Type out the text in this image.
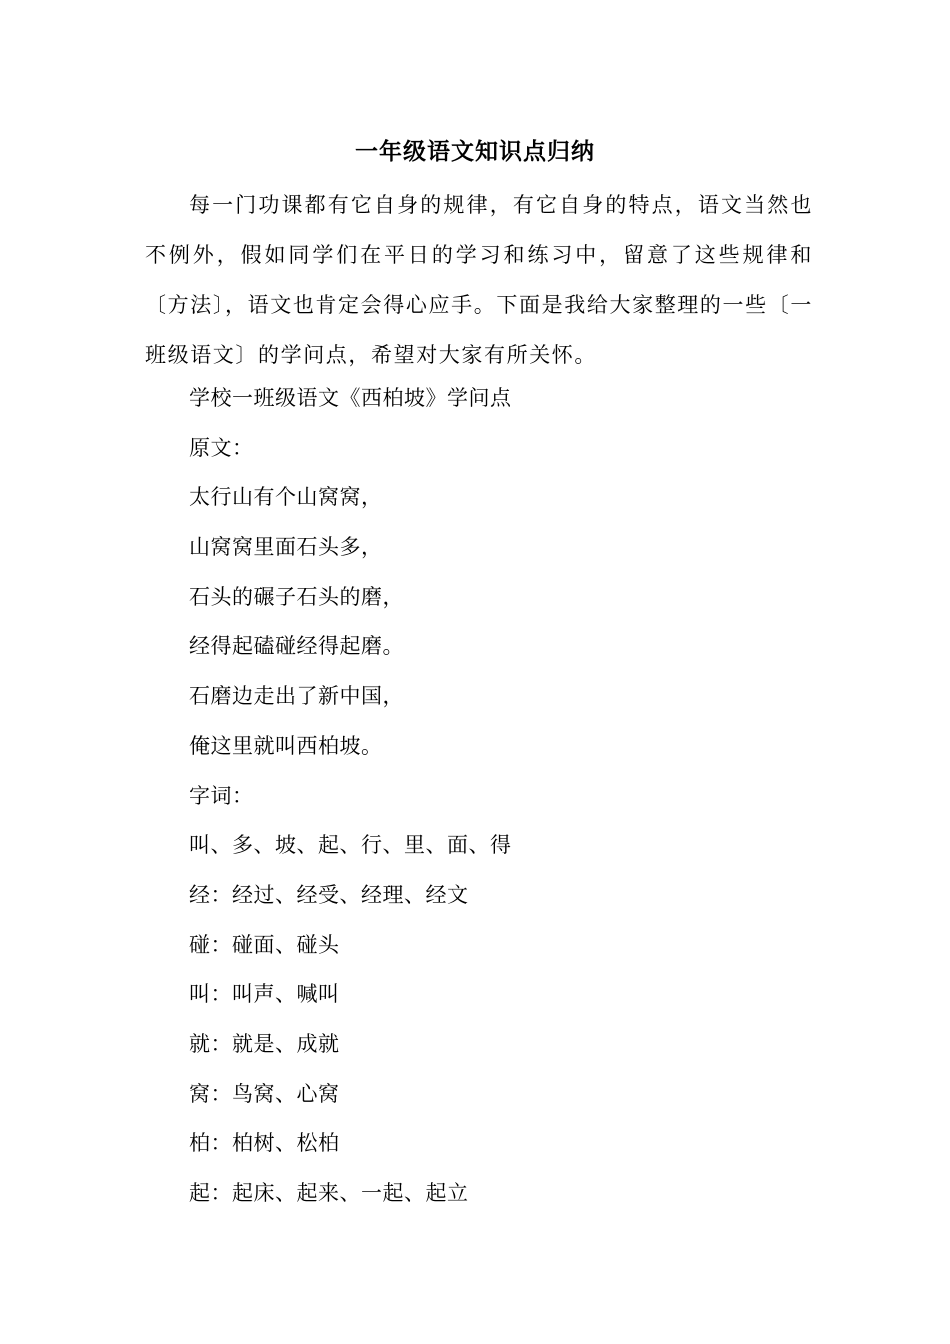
一年级语文知识点归纳
每一门功课都有它自身的规律，有它自身的特点，语文当然也不例外，假如同学们在平日的学习和练习中，留意了这些规律和〔方法〕，语文也肯定会得心应手。下面是我给大家整理的一些〔一班级语文〕的学问点，希望对大家有所关怀。
学校一班级语文《西柏坡》学问点
原文：
太行山有个山窝窝，
山窝窝里面石头多，
石头的碾子石头的磨，
经得起磕碰经得起磨。
石磨边走出了新中国，
俺这里就叫西柏坡。
字词：
叫、多、坡、起、行、里、面、得
经：经过、经受、经理、经文
碰：碰面、碰头
叫：叫声、喊叫
就：就是、成就
窝：鸟窝、心窝
柏：柏树、松柏
起：起床、起来、一起、起立
